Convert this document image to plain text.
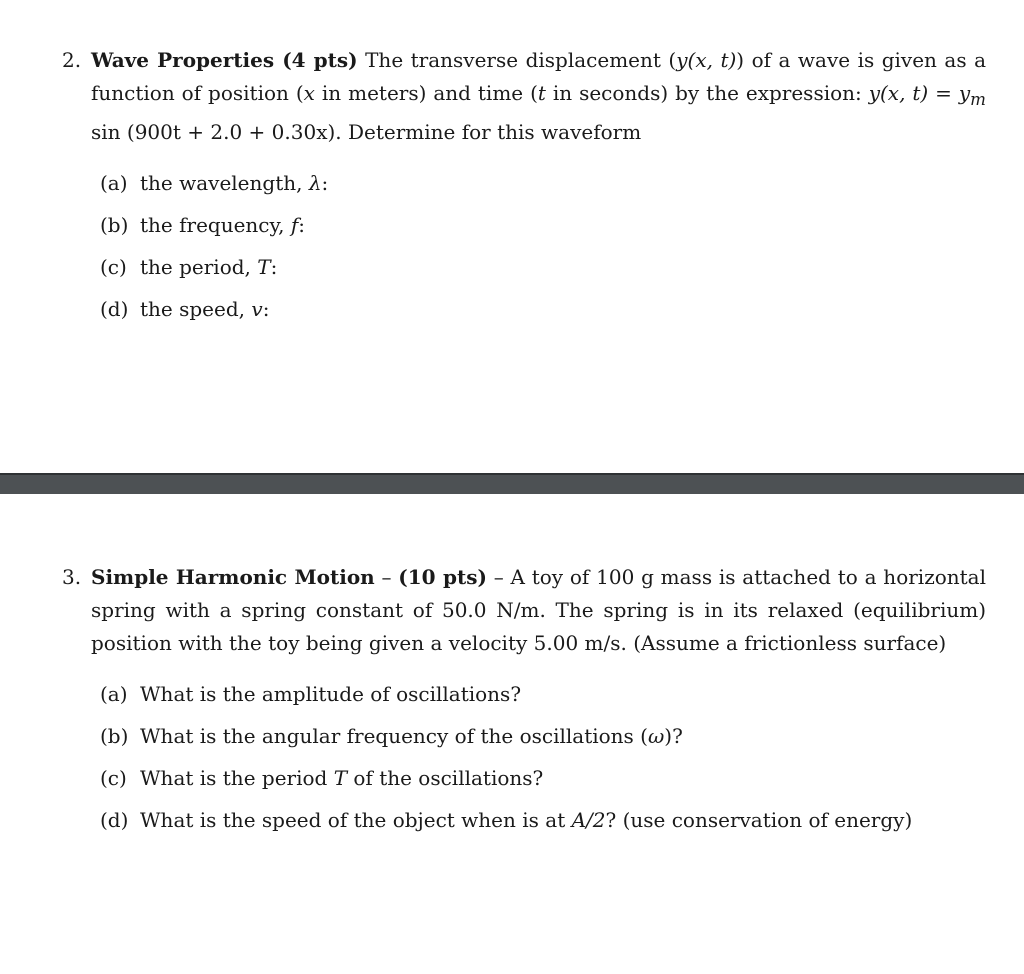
2. Wave Properties (4 pts) The transverse displacement (y(x, t)) of a wave is given as a function of position (x in meters) and time (t in seconds) by the expression: y(x, $t) = y_m$ sin (900t + 2.0 + 0.30x). Determine for this waveform
(a) the wavelength, λ:
(b) the frequency, f:
(c) the period, T:
(d) the speed, v:
3. Simple Harmonic Motion – (10 pts) – A toy of 100 g mass is attached to a horizontal spring with a spring constant of 50.0 N/m. The spring is in its relaxed (equilibrium) position with the toy being given a velocity 5.00 m/s. (Assume a frictionless surface)
(a) What is the amplitude of oscillations?
(b) What is the angular frequency of the oscillations (ω)?
(c) What is the period T of the oscillations?
(d) What is the speed of the object when is at A/2? (use conservation of energy)
